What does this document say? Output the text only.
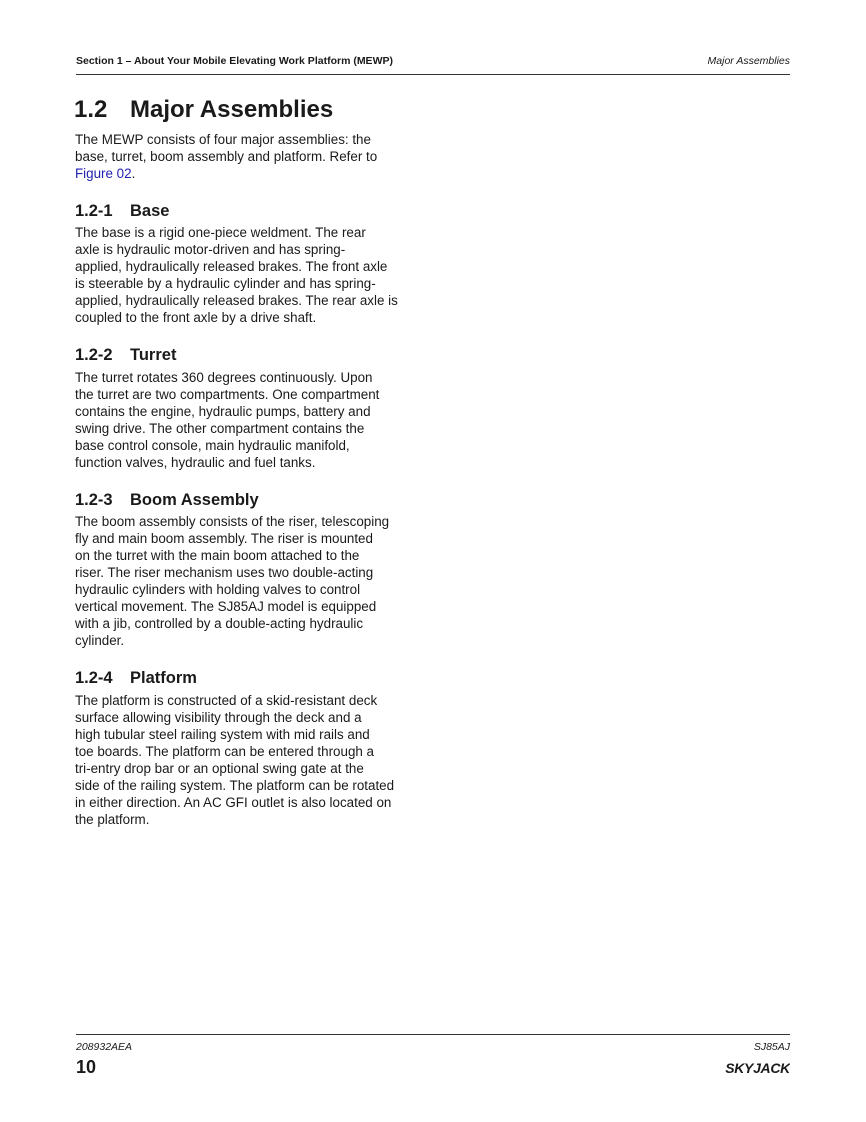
Section 1 – About Your Mobile Elevating Work Platform (MEWP)	Major Assemblies
1.2 Major Assemblies

The MEWP consists of four major assemblies: the
base, turret, boom assembly and platform. Refer to
Figure 02.

1.2-1 Base

The base is a rigid one-piece weldment. The rear
axle is hydraulic motor-driven and has spring-
applied, hydraulically released brakes. The front axle
is steerable by a hydraulic cylinder and has spring-
applied, hydraulically released brakes. The rear axle is
coupled to the front axle by a drive shaft.

1.2-2 Turret

The turret rotates 360 degrees continuously. Upon
the turret are two compartments. One compartment
contains the engine, hydraulic pumps, battery and
swing drive. The other compartment contains the
base control console, main hydraulic manifold,
function valves, hydraulic and fuel tanks.

1.2-3 Boom Assembly

The boom assembly consists of the riser, telescoping
fly and main boom assembly. The riser is mounted
on the turret with the main boom attached to the
riser. The riser mechanism uses two double-acting
hydraulic cylinders with holding valves to control
vertical movement. The SJ85AJ model is equipped
with a jib, controlled by a double-acting hydraulic
cylinder.

1.2-4 Platform

The platform is constructed of a skid-resistant deck
surface allowing visibility through the deck and a
high tubular steel railing system with mid rails and
toe boards. The platform can be entered through a
tri-entry drop bar or an optional swing gate at the
side of the railing system. The platform can be rotated
in either direction. An AC GFI outlet is also located on
the platform.

208932AEA
10
SJ85AJ
SKYJACK
